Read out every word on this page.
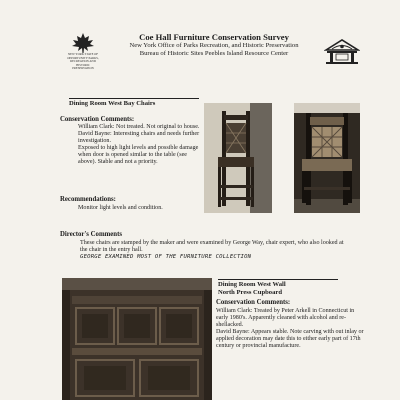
NEW YORK STATE OF OPPORTUNITY PARKS, RECREATION AND HISTORIC PRESERVATION
Coe Hall Furniture Conservation Survey
New York Office of Parks Recreation, and Historic Preservation
Bureau of Historic Sites Peebles Island Resource Center
Dining Room West Bay Chairs
Conservation Comments:

William Clark: Not treated. Not original to house.

David Bayne: Interesting chairs and needs further investigation.

Exposed to high light levels and possible damage when door is opened similar to the table (see above). Stable and not a priority.

Recommendations:
Monitor light levels and condition.
Director's Comments
These chairs are stamped by the maker and were examined by George Way, chair expert, who also looked at the chair in the entry hall.
GEORGE EXAMINED MOST OF THE FURNITURE COLLECTION
Dining Room West Wall
North Press Cupboard
Conservation Comments:

William Clark: Treated by Peter Arkell in Connecticut in early 1980's. Apparently cleaned with alcohol and re-shellacked.

David Bayne: Appears stable. Note carving with out inlay or applied decoration may date this to either early part of 17th century or provincial manufacture.
